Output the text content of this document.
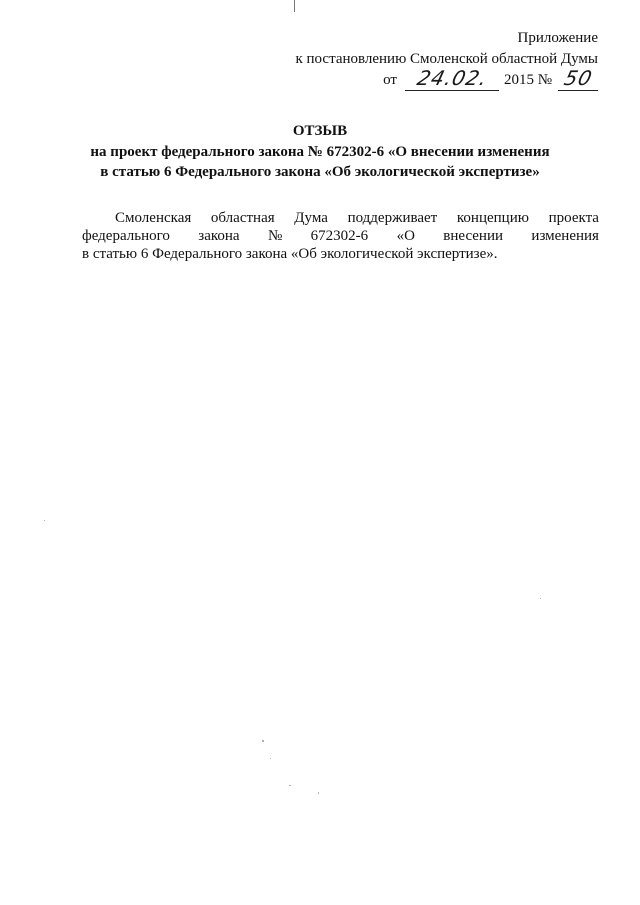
Приложение
к постановлению Смоленской областной Думы
от 24.02. 2015 № 50
ОТЗЫВ
на проект федерального закона № 672302-6 «О внесении изменения
в статью 6 Федерального закона «Об экологической экспертизе»
Смоленская областная Дума поддерживает концепцию проекта
федерального закона № 672302-6 «О внесении изменения
в статью 6 Федерального закона «Об экологической экспертизе».
